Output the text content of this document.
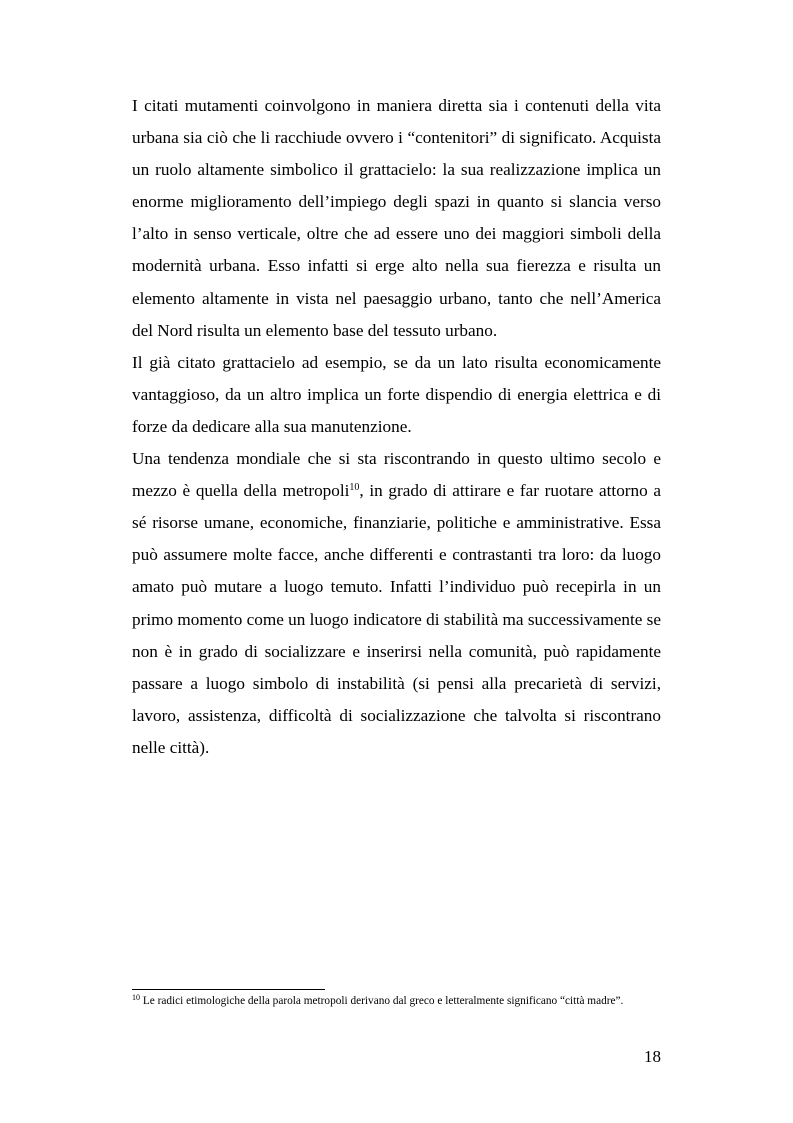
I citati mutamenti coinvolgono in maniera diretta sia i contenuti della vita urbana sia ciò che li racchiude ovvero i “contenitori” di significato. Acquista un ruolo altamente simbolico il grattacielo: la sua realizzazione implica un enorme miglioramento dell’impiego degli spazi in quanto si slancia verso l’alto in senso verticale, oltre che ad essere uno dei maggiori simboli della modernità urbana. Esso infatti si erge alto nella sua fierezza e risulta un elemento altamente in vista nel paesaggio urbano, tanto che nell’America del Nord risulta un elemento base del tessuto urbano.

Il già citato grattacielo ad esempio, se da un lato risulta economicamente vantaggioso, da un altro implica un forte dispendio di energia elettrica e di forze da dedicare alla sua manutenzione.

Una tendenza mondiale che si sta riscontrando in questo ultimo secolo e mezzo è quella della metropoli$^{10}$, in grado di attirare e far ruotare attorno a sé risorse umane, economiche, finanziarie, politiche e amministrative. Essa può assumere molte facce, anche differenti e contrastanti tra loro: da luogo amato può mutare a luogo temuto. Infatti l’individuo può recepirla in un primo momento come un luogo indicatore di stabilità ma successivamente se non è in grado di socializzare e inserirsi nella comunità, può rapidamente passare a luogo simbolo di instabilità (si pensi alla precarietà di servizi, lavoro, assistenza, difficoltà di socializzazione che talvolta si riscontrano nelle città).

$^{10}$ Le radici etimologiche della parola metropoli derivano dal greco e letteralmente significano “città madre”.
18
